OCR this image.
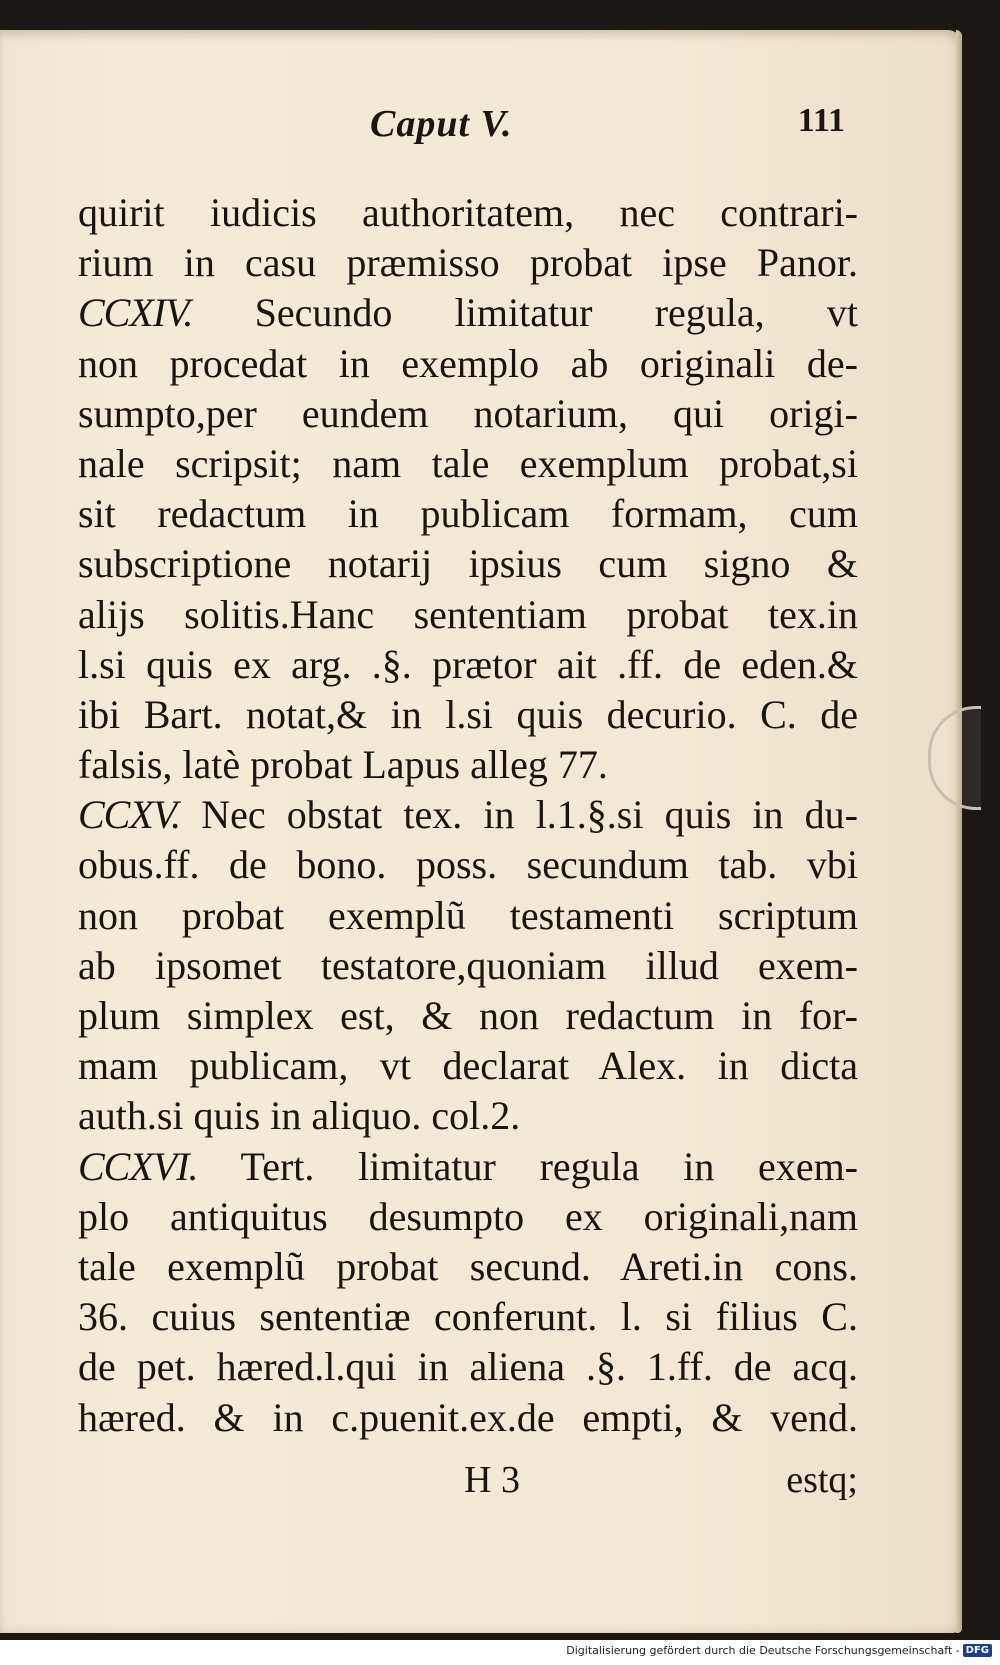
Caput V.	111
quirit iudicis authoritatem, nec contrari-
rium in casu præmisso probat ipse Panor.
CCXIV. Secundo limitatur regula, vt
non procedat in exemplo ab originali de-
sumpto,per eundem notarium, qui origi-
nale scripsit; nam tale exemplum probat,si
sit redactum in publicam formam, cum
subscriptione notarij ipsius cum signo &
alijs solitis.Hanc sententiam probat tex.in
l.si quis ex arg. .§. prætor ait .ff. de eden.&
ibi Bart. notat,& in l.si quis decurio. C. de
falsis, latè probat Lapus alleg 77.
CCXV. Nec obstat tex. in l.1.§.si quis in du-
obus.ff. de bono. poss. secundum tab. vbi
non probat exemplũ testamenti scriptum
ab ipsomet testatore,quoniam illud exem-
plum simplex est, & non redactum in for-
mam publicam, vt declarat Alex. in dicta
auth.si quis in aliquo. col.2.
CCXVI. Tert. limitatur regula in exem-
plo antiquitus desumpto ex originali,nam
tale exemplũ probat secund. Areti.in cons.
36. cuius sententiæ conferunt. l. si filius C.
de pet. hæred.l.qui in aliena .§. 1.ff. de acq.
hæred. & in c.puenit.ex.de empti, & vend.
H 3	estq;
Digitalisierung gefördert durch die Deutsche Forschungsgemeinschaft - DFG
